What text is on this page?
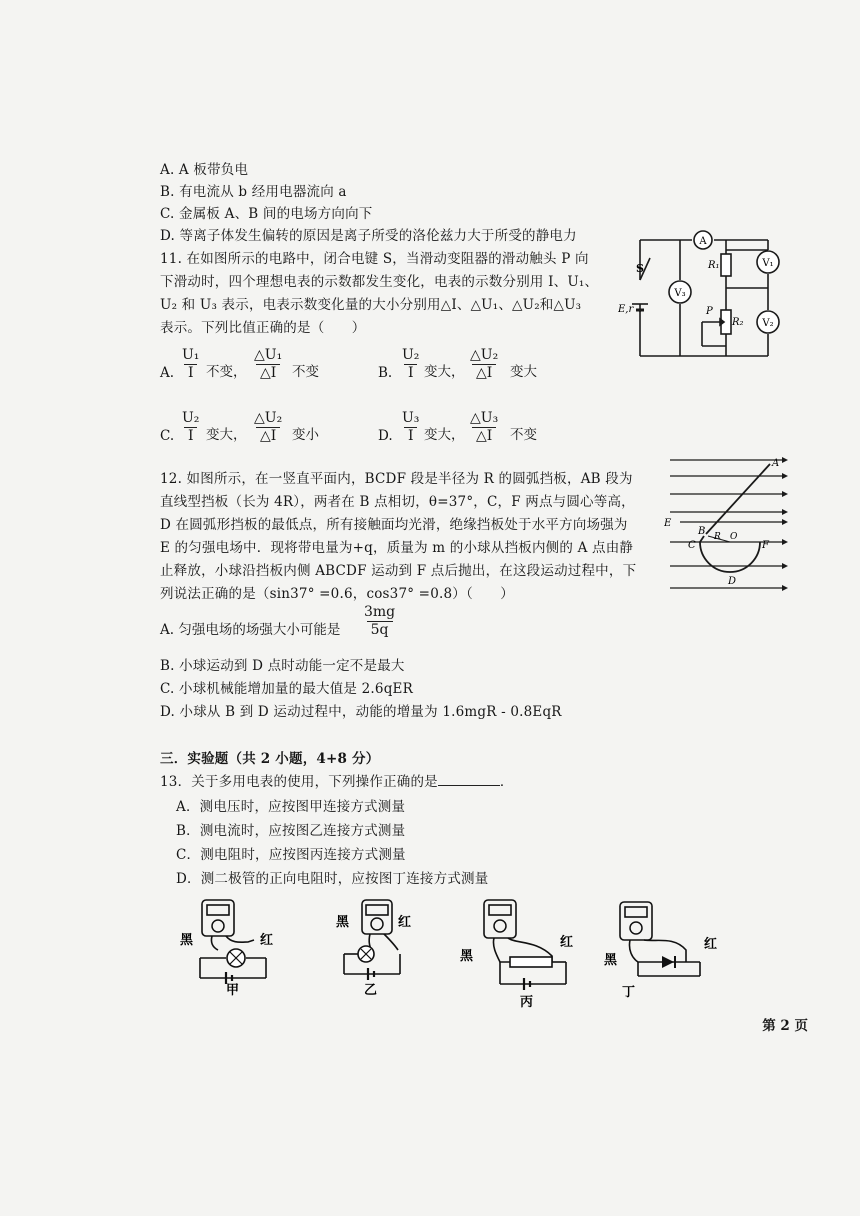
A. A 板带负电
B. 有电流从 b 经用电器流向 a
C. 金属板 A、B 间的电场方向向下
D. 等离子体发生偏转的原因是离子所受的洛伦兹力大于所受的静电力
11. 在如图所示的电路中，闭合电键 S，当滑动变阻器的滑动触头 P 向
下滑动时，四个理想电表的示数都发生变化，电表的示数分别用 I、U₁、
U₂ 和 U₃ 表示，电表示数变化量的大小分别用△I、△U₁、△U₂和△U₃
表示。下列比值正确的是（　　）
A. $\frac{\text{U₁}}{I}$ 不变， $\frac{\text{△U₁}}{\triangle I}$ 不变	B. $\frac{\text{U₂}}{I}$ 变大， $\frac{\text{△U₂}}{\triangle I}$ 变大
C. $\frac{\text{U₂}}{I}$ 变大， $\frac{\text{△U₂}}{\triangle I}$ 变小	D. $\frac{\text{U₃}}{I}$ 变大， $\frac{\text{△U₃}}{\triangle I}$ 不变
A
V₁
V₂
V₃
S
E,r
R₁
R₂
P
12. 如图所示，在一竖直平面内，BCDF 段是半径为 R 的圆弧挡板，AB 段为
直线型挡板（长为 4R），两者在 B 点相切，θ=37°，C，F 两点与圆心等高，
D 在圆弧形挡板的最低点，所有接触面均光滑，绝缘挡板处于水平方向场强为
E 的匀强电场中．现将带电量为+q，质量为 m 的小球从挡板内侧的 A 点由静
止释放，小球沿挡板内侧 ABCDF 运动到 F 点后抛出，在这段运动过程中，下
列说法正确的是（sin37° =0.6，cos37° =0.8）（　　）
A. 匀强电场的场强大小可能是 $\frac{3mg}{5q}$
B. 小球运动到 D 点时动能一定不是最大
C. 小球机械能增加量的最大值是 2.6qER
D. 小球从 B 到 D 运动过程中，动能的增量为 1.6mgR - 0.8EqR
A
B
C
D
E
F
R O
三．实验题（共 2 小题，4+8 分）
13．关于多用电表的使用，下列操作正确的是	．
A．测电压时，应按图甲连接方式测量
B．测电流时，应按图乙连接方式测量
C．测电阻时，应按图丙连接方式测量
D．测二极管的正向电阻时，应按图丁连接方式测量
黑	红
甲
黑	红
乙
黑
红
丙
黑
红
丁
第 2 页
